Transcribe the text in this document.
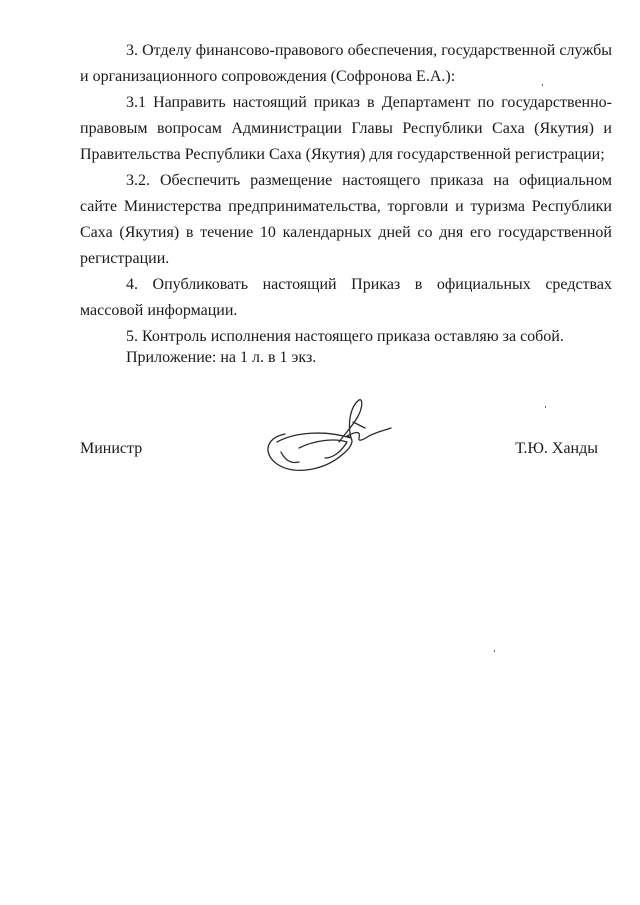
3. Отделу финансово-правового обеспечения, государственной службы и организационного сопровождения (Софронова Е.А.):

3.1 Направить настоящий приказ в Департамент по государственно-правовым вопросам Администрации Главы Республики Саха (Якутия) и Правительства Республики Саха (Якутия) для государственной регистрации;

3.2. Обеспечить размещение настоящего приказа на официальном сайте Министерства предпринимательства, торговли и туризма Республики Саха (Якутия) в течение 10 календарных дней со дня его государственной регистрации.

4. Опубликовать настоящий Приказ в официальных средствах массовой информации.

5. Контроль исполнения настоящего приказа оставляю за собой.

Приложение: на 1 л. в 1 экз.
Министр	Т.Ю. Ханды
